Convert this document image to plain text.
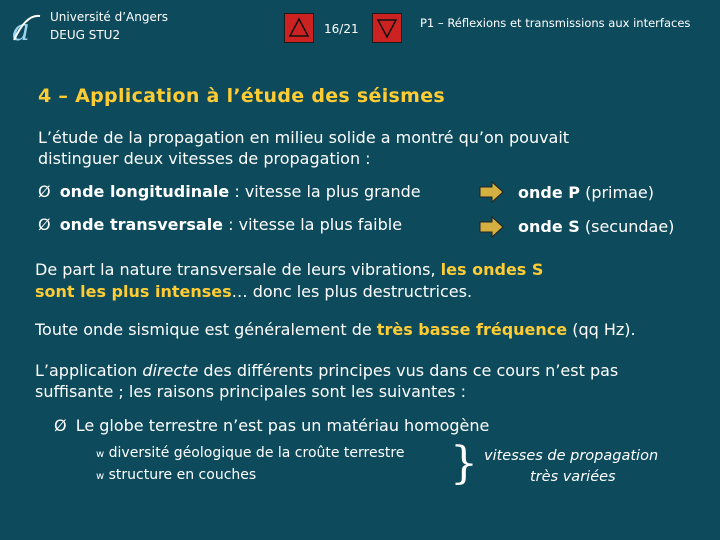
a Université d’Angers
DEUG STU2	16/21	P1 – Réflexions et transmissions aux interfaces
4 – Application à l’étude des séismes
L’étude de la propagation en milieu solide a montré qu’on pouvait
distinguer deux vitesses de propagation :
Ø onde longitudinale : vitesse la plus grande	onde P (primae)
Ø onde transversale : vitesse la plus faible	onde S (secundae)
De part la nature transversale de leurs vibrations, les ondes S
sont les plus intenses… donc les plus destructrices.
Toute onde sismique est généralement de très basse fréquence (qq Hz).
L’application directe des différents principes vus dans ce cours n’est pas
suffisante ; les raisons principales sont les suivantes :
Ø Le globe terrestre n’est pas un matériau homogène
w diversité géologique de la croûte terrestre
w structure en couches	} vitesses de propagation
très variées
